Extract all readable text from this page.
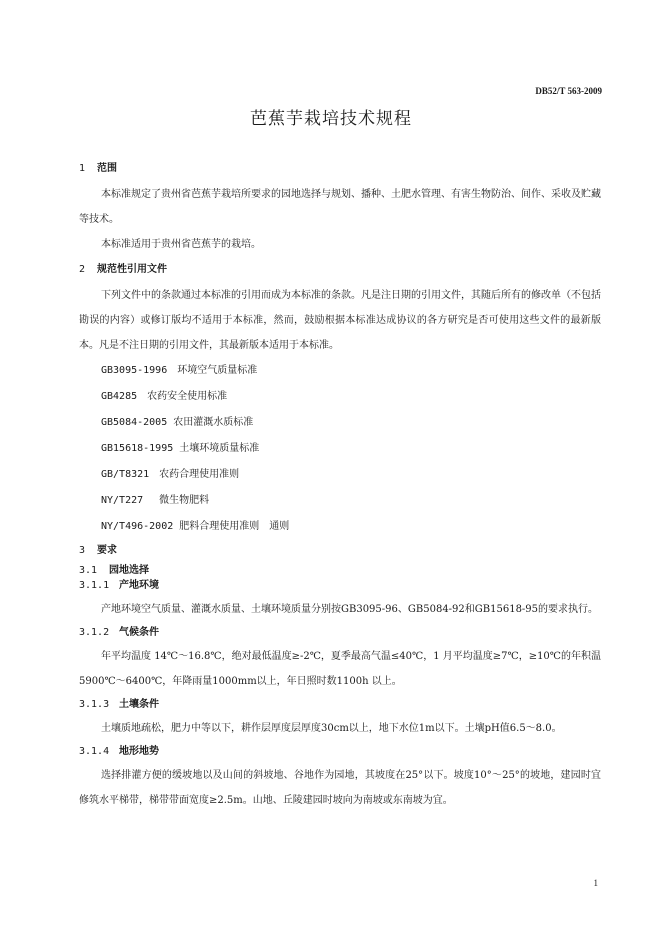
DB52/T 563-2009
芭蕉芋栽培技术规程
1 范围
本标准规定了贵州省芭蕉芋栽培所要求的园地选择与规划、播种、土肥水管理、有害生物防治、间作、采收及贮藏等技术。
本标准适用于贵州省芭蕉芋的栽培。
2 规范性引用文件
下列文件中的条款通过本标准的引用而成为本标准的条款。凡是注日期的引用文件，其随后所有的修改单（不包括勘误的内容）或修订版均不适用于本标准，然而，鼓励根据本标准达成协议的各方研究是否可使用这些文件的最新版本。凡是不注日期的引用文件，其最新版本适用于本标准。
GB3095-1996　环境空气质量标准
GB4285　农药安全使用标准
GB5084-2005 农田灌溉水质标准
GB15618-1995 土壤环境质量标准
GB/T8321　农药合理使用准则
NY/T227　 微生物肥料
NY/T496-2002 肥料合理使用准则　通则
3 要求
3.1 园地选择
3.1.1 产地环境
产地环境空气质量、灌溉水质量、土壤环境质量分别按GB3095-96、GB5084-92和GB15618-95的要求执行。
3.1.2 气候条件
年平均温度 14℃～16.8℃，绝对最低温度≥-2℃，夏季最高气温≤40℃，1 月平均温度≥7℃，≥10℃的年积温5900℃～6400℃，年降雨量1000mm以上，年日照时数1100h 以上。
3.1.3 土壤条件
土壤质地疏松，肥力中等以下，耕作层厚度层厚度30cm以上，地下水位1m以下。土壤pH值6.5～8.0。
3.1.4 地形地势
选择排灌方便的缓坡地以及山间的斜坡地、谷地作为园地，其坡度在25°以下。坡度10°～25°的坡地，建园时宜修筑水平梯带，梯带带面宽度≥2.5m。山地、丘陵建园时坡向为南坡或东南坡为宜。
1
